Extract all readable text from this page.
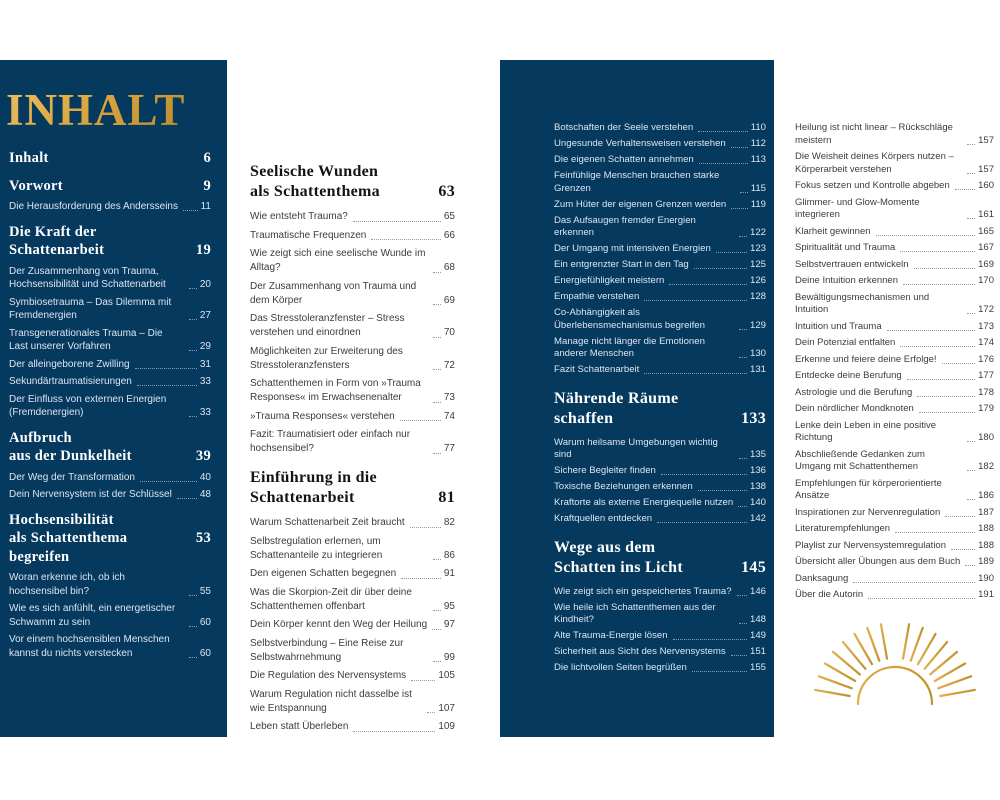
INHALT
Inhalt	6
Vorwort	9
Die Herausforderung des Andersseins 11
Die Kraft der
Schattenarbeit	19
Der Zusammenhang von Trauma, Hochsensibilität und Schattenarbeit	20
Symbiosetrauma – Das Dilemma mit Fremdenergien	27
Transgenerationales Trauma – Die Last unserer Vorfahren	29
Der alleingeborene Zwilling	31
Sekundärtraumatisierungen	33
Der Einfluss von externen Energien (Fremdenergien)	33
Aufbruch
aus der Dunkelheit	39
Der Weg der Transformation	40
Dein Nervensystem ist der Schlüssel	48
Hochsensibilität
als Schattenthema begreifen
53
Woran erkenne ich, ob ich hochsensibel bin?	55
Wie es sich anfühlt, ein energetischer Schwamm zu sein	60
Vor einem hochsensiblen Menschen kannst du nichts verstecken	60
Seelische Wunden
als Schattenthema	63
Wie entsteht Trauma?	65
Traumatische Frequenzen	66
Wie zeigt sich eine seelische Wunde im Alltag?	68
Der Zusammenhang von Trauma und dem Körper	69
Das Stresstoleranzfenster – Stress verstehen und einordnen	70
Möglichkeiten zur Erweiterung des Stresstoleranzfensters	72
Schattenthemen in Form von »Trauma Responses« im Erwachsenenalter	73
»Trauma Responses« verstehen	74
Fazit: Traumatisiert oder einfach nur hochsensibel?	77
Einführung in die
Schattenarbeit	81
Warum Schattenarbeit Zeit braucht	82
Selbstregulation erlernen, um Schattenanteile zu integrieren	86
Den eigenen Schatten begegnen	91
Was die Skorpion-Zeit dir über deine Schattenthemen offenbart	95
Dein Körper kennt den Weg der Heilung 97
Selbstverbindung – Eine Reise zur Selbstwahrnehmung	99
Die Regulation des Nervensystems	105
Warum Regulation nicht dasselbe ist wie Entspannung	107
Leben statt Überleben	109
Botschaften der Seele verstehen	110
Ungesunde Verhaltensweisen verstehen	112
Die eigenen Schatten annehmen	113
Feinfühlige Menschen brauchen starke Grenzen	115
Zum Hüter der eigenen Grenzen werden	119
Das Aufsaugen fremder Energien erkennen	122
Der Umgang mit intensiven Energien	123
Ein entgrenzter Start in den Tag	125
Energiefühligkeit meistern	126
Empathie verstehen	128
Co-Abhängigkeit als Überlebensmechanismus begreifen	129
Manage nicht länger die Emotionen anderer Menschen	130
Fazit Schattenarbeit	131
Nährende Räume
schaffen	133
Warum heilsame Umgebungen wichtig sind	135
Sichere Begleiter finden	136
Toxische Beziehungen erkennen	138
Kraftorte als externe Energiequelle nutzen 140
Kraftquellen entdecken	142
Wege aus dem
Schatten ins Licht	145
Wie zeigt sich ein gespeichertes Trauma? 146
Wie heile ich Schattenthemen aus der Kindheit?	148
Alte Trauma-Energie lösen	149
Sicherheit aus Sicht des Nervensystems	151
Die lichtvollen Seiten begrüßen	155
Heilung ist nicht linear – Rückschläge meistern	157
Die Weisheit deines Körpers nutzen – Körperarbeit verstehen	157
Fokus setzen und Kontrolle abgeben	160
Glimmer- und Glow-Momente integrieren	161
Klarheit gewinnen	165
Spiritualität und Trauma	167
Selbstvertrauen entwickeln	169
Deine Intuition erkennen	170
Bewältigungsmechanismen und Intuition	172
Intuition und Trauma	173
Dein Potenzial entfalten	174
Erkenne und feiere deine Erfolge!	176
Entdecke deine Berufung	177
Astrologie und die Berufung	178
Dein nördlicher Mondknoten	179
Lenke dein Leben in eine positive Richtung	180
Abschließende Gedanken zum Umgang mit Schattenthemen	182
Empfehlungen für körperorientierte Ansätze	186
Inspirationen zur Nervenregulation	187
Literaturempfehlungen	188
Playlist zur Nervensystemregulation	188
Übersicht aller Übungen aus dem Buch 189
Danksagung	190
Über die Autorin	191
